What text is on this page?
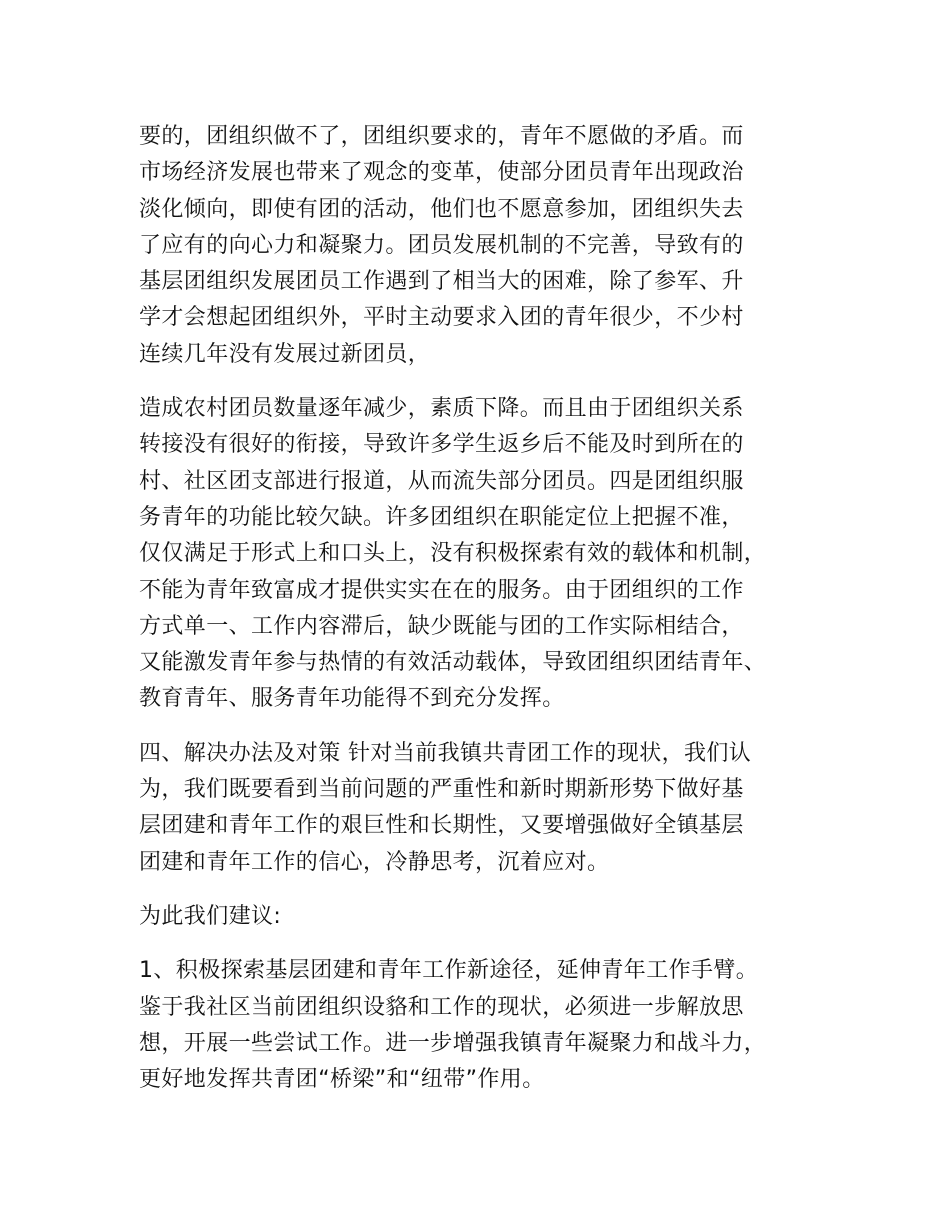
要的，团组织做不了，团组织要求的，青年不愿做的矛盾。而
市场经济发展也带来了观念的变革，使部分团员青年出现政治
淡化倾向，即使有团的活动，他们也不愿意参加，团组织失去
了应有的向心力和凝聚力。团员发展机制的不完善，导致有的
基层团组织发展团员工作遇到了相当大的困难，除了参军、升
学才会想起团组织外，平时主动要求入团的青年很少，不少村
连续几年没有发展过新团员，
造成农村团员数量逐年减少，素质下降。而且由于团组织关系
转接没有很好的衔接，导致许多学生返乡后不能及时到所在的
村、社区团支部进行报道，从而流失部分团员。四是团组织服
务青年的功能比较欠缺。许多团组织在职能定位上把握不准，
仅仅满足于形式上和口头上，没有积极探索有效的载体和机制，
不能为青年致富成才提供实实在在的服务。由于团组织的工作
方式单一、工作内容滞后，缺少既能与团的工作实际相结合，
又能激发青年参与热情的有效活动载体，导致团组织团结青年、
教育青年、服务青年功能得不到充分发挥。
四、解决办法及对策 针对当前我镇共青团工作的现状，我们认
为，我们既要看到当前问题的严重性和新时期新形势下做好基
层团建和青年工作的艰巨性和长期性，又要增强做好全镇基层
团建和青年工作的信心，冷静思考，沉着应对。
为此我们建议:
1、积极探索基层团建和青年工作新途径，延伸青年工作手臂。
鉴于我社区当前团组织设貉和工作的现状，必须进一步解放思
想，开展一些尝试工作。进一步增强我镇青年凝聚力和战斗力，
更好地发挥共青团“桥梁”和“纽带”作用。
